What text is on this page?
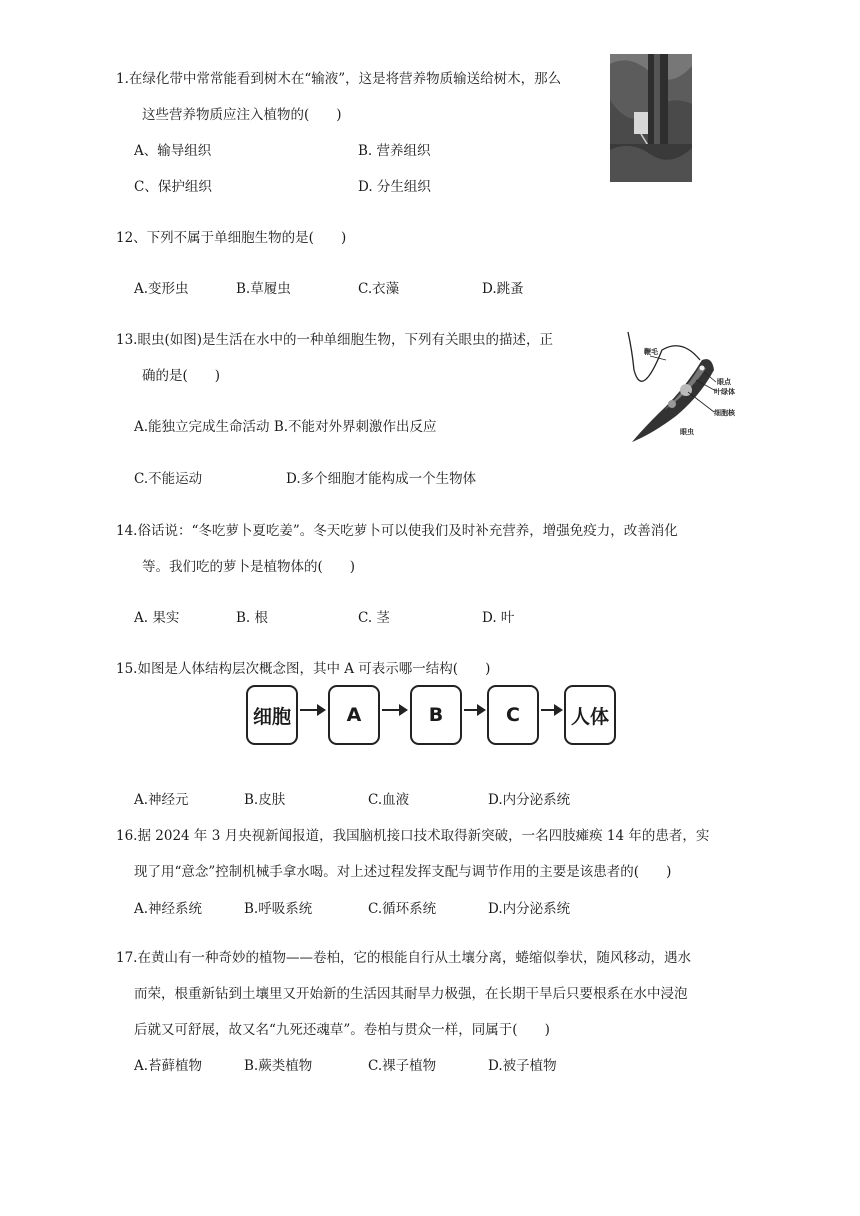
1.在绿化带中常常能看到树木在“输液”，这是将营养物质输送给树木，那么
这些营养物质应注入植物的(　　)
A、输导组织	B. 营养组织
C、保护组织	D. 分生组织
12、下列不属于单细胞生物的是(　　)
A.变形虫	B.草履虫	C.衣藻	D.跳蚤
13.眼虫(如图)是生活在水中的一种单细胞生物，下列有关眼虫的描述，正
确的是(　　)
A.能独立完成生命活动 B.不能对外界刺激作出反应
C.不能运动	D.多个细胞才能构成一个生物体
鞭毛
眼点
叶绿体
细胞核
眼虫
14.俗话说：“冬吃萝卜夏吃姜”。冬天吃萝卜可以使我们及时补充营养，增强免疫力，改善消化
等。我们吃的萝卜是植物体的(　　)
A. 果实	B. 根	C. 茎	D. 叶
15.如图是人体结构层次概念图，其中 A 可表示哪一结构(　　)
细胞	A	B	C	人体
A.神经元	B.皮肤	C.血液	D.内分泌系统
16.据 2024 年 3 月央视新闻报道，我国脑机接口技术取得新突破，一名四肢瘫痪 14 年的患者，实
现了用“意念”控制机械手拿水喝。对上述过程发挥支配与调节作用的主要是该患者的(　　)
A.神经系统	B.呼吸系统	C.循环系统	D.内分泌系统
17.在黄山有一种奇妙的植物——卷柏，它的根能自行从土壤分离，蜷缩似拳状，随风移动，遇水
而荣，根重新钻到土壤里又开始新的生活因其耐旱力极强，在长期干旱后只要根系在水中浸泡
后就又可舒展，故又名“九死还魂草”。卷柏与贯众一样，同属于(　　)
A.苔藓植物	B.蕨类植物	C.裸子植物	D.被子植物
